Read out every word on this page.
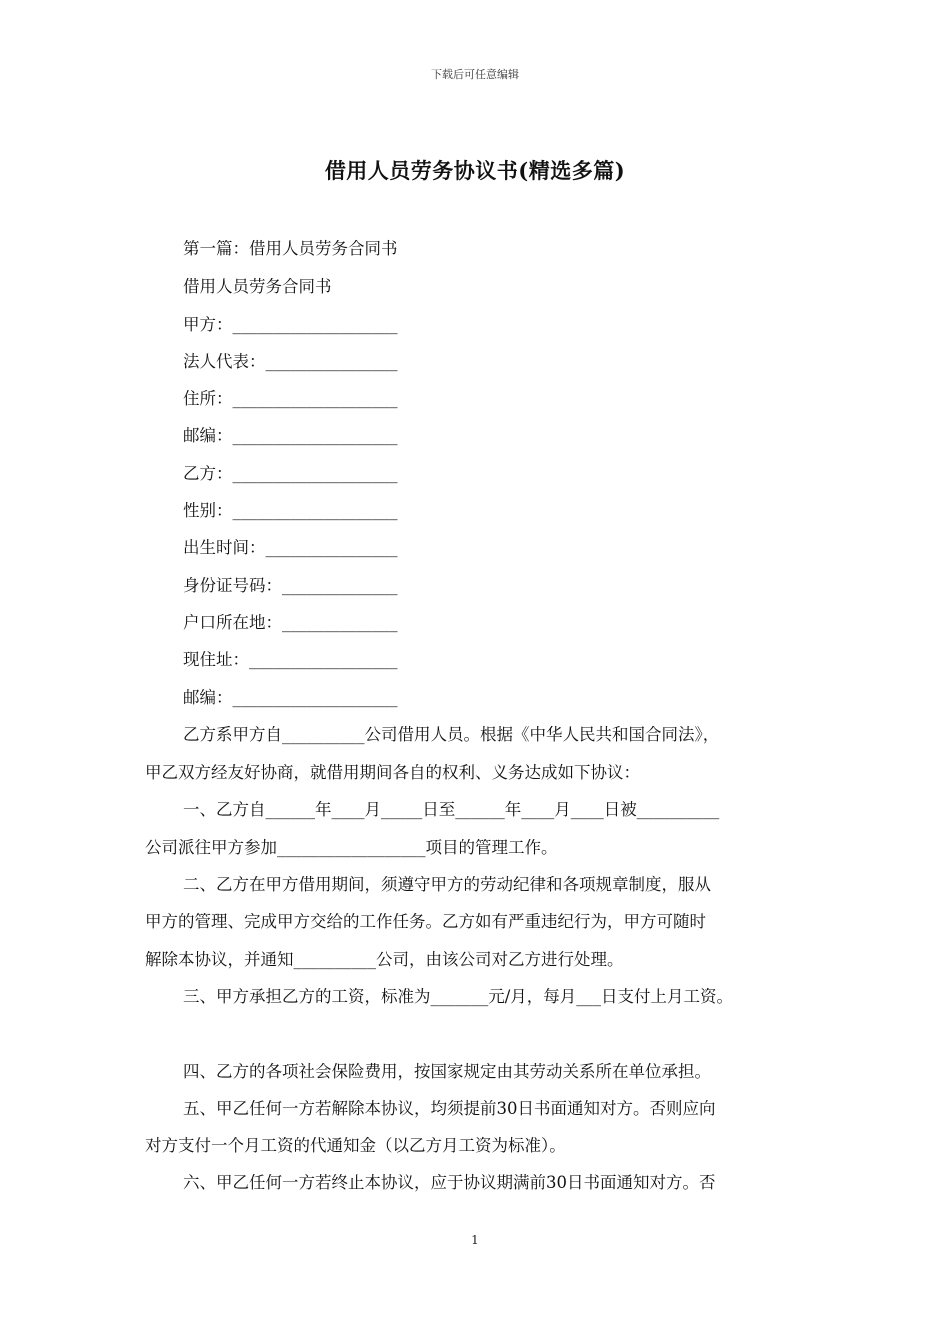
下载后可任意编辑
借用人员劳务协议书(精选多篇)
第一篇：借用人员劳务合同书
借用人员劳务合同书
甲方：____________________
法人代表：________________
住所：____________________
邮编：____________________
乙方：____________________
性别：____________________
出生时间：________________
身份证号码：______________
户口所在地：______________
现住址：__________________
邮编：____________________
乙方系甲方自__________公司借用人员。根据《中华人民共和国合同法》，
甲乙双方经友好协商，就借用期间各自的权利、义务达成如下协议：
一、乙方自______年____月_____日至______年____月____日被__________
公司派往甲方参加__________________项目的管理工作。
二、乙方在甲方借用期间，须遵守甲方的劳动纪律和各项规章制度，服从
甲方的管理、完成甲方交给的工作任务。乙方如有严重违纪行为，甲方可随时
解除本协议，并通知__________公司，由该公司对乙方进行处理。
三、甲方承担乙方的工资，标准为_______元/月，每月___日支付上月工资。
四、乙方的各项社会保险费用，按国家规定由其劳动关系所在单位承担。
五、甲乙任何一方若解除本协议，均须提前30日书面通知对方。否则应向
对方支付一个月工资的代通知金（以乙方月工资为标准）。
六、甲乙任何一方若终止本协议，应于协议期满前30日书面通知对方。否
1
